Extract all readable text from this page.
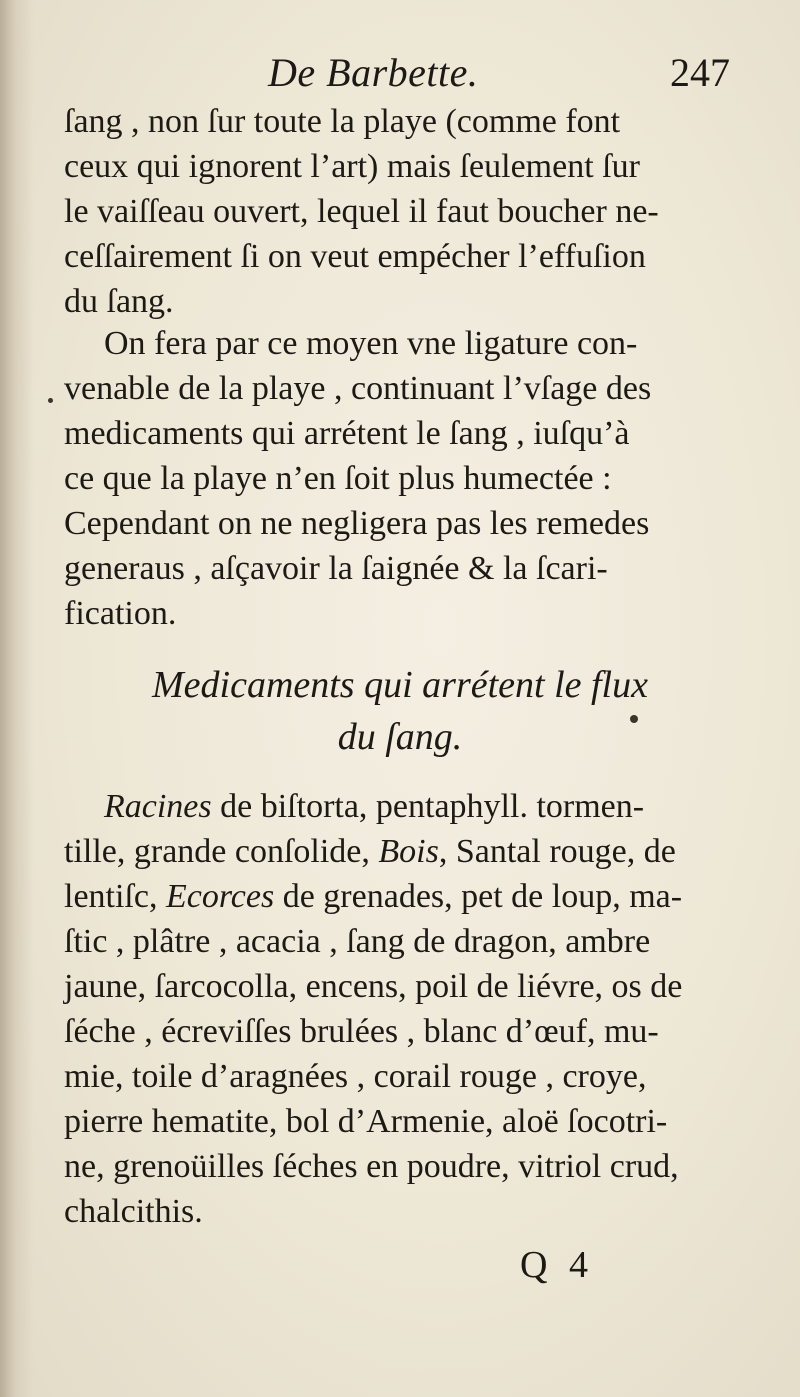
De Barbette.	247
ſang , non ſur toute la playe (comme font
ceux qui ignorent l’art) mais ſeulement ſur
le vaiſſeau ouvert, lequel il faut boucher ne-
ceſſairement ſi on veut empécher l’effuſion
du ſang.
On fera par ce moyen vne ligature con-
venable de la playe , continuant l’vſage des
medicaments qui arrétent le ſang , iuſqu’à
ce que la playe n’en ſoit plus humectée :
Cependant on ne negligera pas les remedes
generaus , aſçavoir la ſaignée & la ſcari-
fication.
Medicaments qui arrétent le flux
du ſang.
Racines de biſtorta, pentaphyll. tormen-
tille, grande conſolide, Bois, Santal rouge, de
lentiſc, Ecorces de grenades, pet de loup, ma-
ſtic , plâtre , acacia , ſang de dragon, ambre
jaune, ſarcocolla, encens, poil de liévre, os de
ſéche , écreviſſes brulées , blanc d’œuf, mu-
mie, toile d’aragnées , corail rouge , croye,
pierre hematite, bol d’Armenie, aloë ſocotri-
ne, grenoüilles ſéches en poudre, vitriol crud,
chalcithis.
Q 4
